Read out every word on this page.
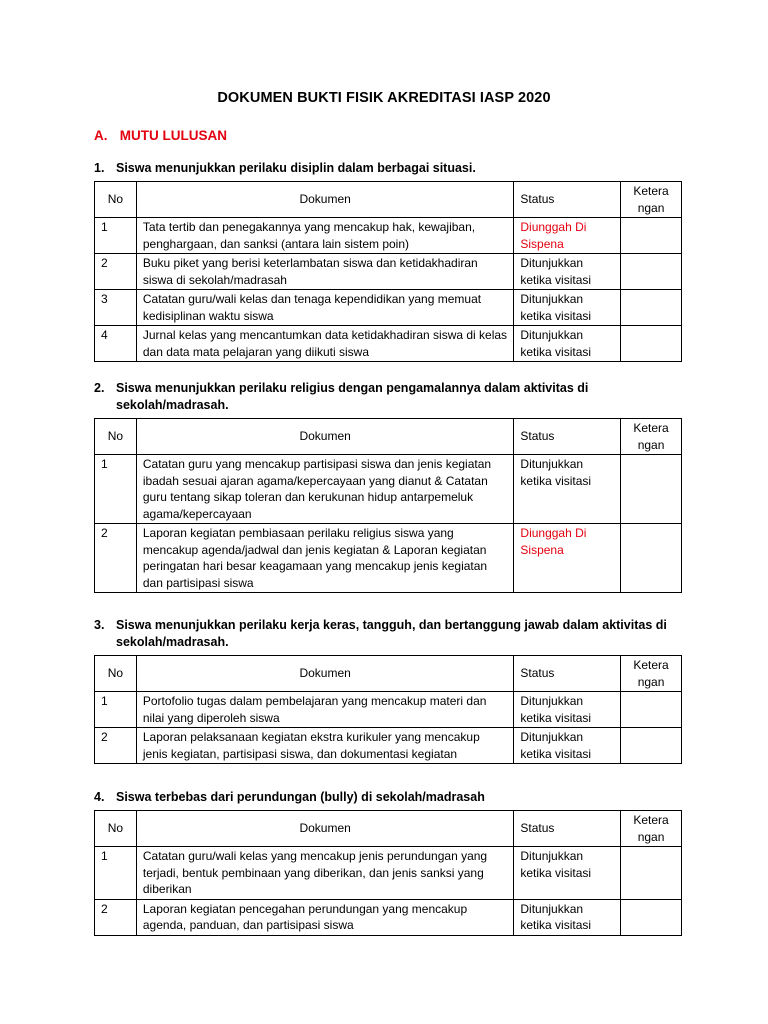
DOKUMEN BUKTI FISIK AKREDITASI IASP 2020
A. MUTU LULUSAN
1. Siswa menunjukkan perilaku disiplin dalam berbagai situasi.
No	Dokumen	Status	Ketera ngan
1	Tata tertib dan penegakannya yang mencakup hak, kewajiban, penghargaan, dan sanksi (antara lain sistem poin)	Diunggah Di Sispena	
2	Buku piket yang berisi keterlambatan siswa dan ketidakhadiran siswa di sekolah/madrasah	Ditunjukkan ketika visitasi	
3	Catatan guru/wali kelas dan tenaga kependidikan yang memuat kedisiplinan waktu siswa	Ditunjukkan ketika visitasi	
4	Jurnal kelas yang mencantumkan data ketidakhadiran siswa di kelas dan data mata pelajaran yang diikuti siswa	Ditunjukkan ketika visitasi	
2. Siswa menunjukkan perilaku religius dengan pengamalannya dalam aktivitas di sekolah/madrasah.
No	Dokumen	Status	Ketera ngan
1	Catatan guru yang mencakup partisipasi siswa dan jenis kegiatan ibadah sesuai ajaran agama/kepercayaan yang dianut & Catatan guru tentang sikap toleran dan kerukunan hidup antarpemeluk agama/kepercayaan	Ditunjukkan ketika visitasi	
2	Laporan kegiatan pembiasaan perilaku religius siswa yang mencakup agenda/jadwal dan jenis kegiatan & Laporan kegiatan peringatan hari besar keagamaan yang mencakup jenis kegiatan dan partisipasi siswa	Diunggah Di Sispena	
3. Siswa menunjukkan perilaku kerja keras, tangguh, dan bertanggung jawab dalam aktivitas di sekolah/madrasah.
No	Dokumen	Status	Ketera ngan
1	Portofolio tugas dalam pembelajaran yang mencakup materi dan nilai yang diperoleh siswa	Ditunjukkan ketika visitasi	
2	Laporan pelaksanaan kegiatan ekstra kurikuler yang mencakup jenis kegiatan, partisipasi siswa, dan dokumentasi kegiatan	Ditunjukkan ketika visitasi	
4. Siswa terbebas dari perundungan (bully) di sekolah/madrasah
No	Dokumen	Status	Ketera ngan
1	Catatan guru/wali kelas yang mencakup jenis perundungan yang terjadi, bentuk pembinaan yang diberikan, dan jenis sanksi yang diberikan	Ditunjukkan ketika visitasi	
2	Laporan kegiatan pencegahan perundungan yang mencakup agenda, panduan, dan partisipasi siswa	Ditunjukkan ketika visitasi	
